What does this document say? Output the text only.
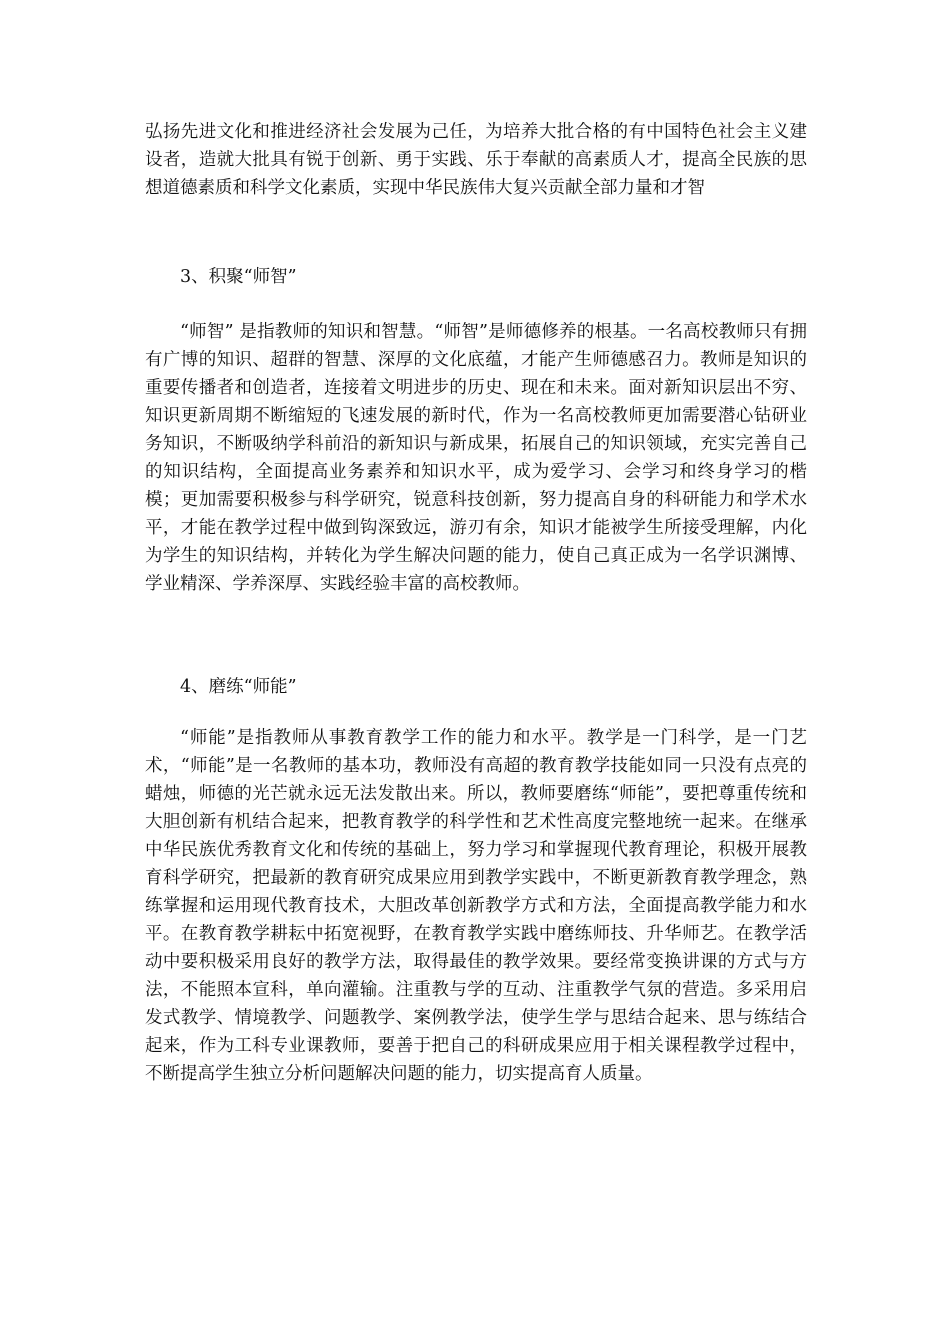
弘扬先进文化和推进经济社会发展为己任，为培养大批合格的有中国特色社会主义建设者，造就大批具有锐于创新、勇于实践、乐于奉献的高素质人才，提高全民族的思想道德素质和科学文化素质，实现中华民族伟大复兴贡献全部力量和才智

3、积聚“师智”

“师智” 是指教师的知识和智慧。“师智”是师德修养的根基。一名高校教师只有拥有广博的知识、超群的智慧、深厚的文化底蕴，才能产生师德感召力。教师是知识的重要传播者和创造者，连接着文明进步的历史、现在和未来。面对新知识层出不穷、知识更新周期不断缩短的飞速发展的新时代，作为一名高校教师更加需要潜心钻研业务知识，不断吸纳学科前沿的新知识与新成果，拓展自己的知识领域，充实完善自己的知识结构，全面提高业务素养和知识水平，成为爱学习、会学习和终身学习的楷模；更加需要积极参与科学研究，锐意科技创新，努力提高自身的科研能力和学术水平，才能在教学过程中做到钩深致远，游刃有余，知识才能被学生所接受理解，内化为学生的知识结构，并转化为学生解决问题的能力，使自己真正成为一名学识渊博、学业精深、学养深厚、实践经验丰富的高校教师。

4、磨练“师能”

“师能”是指教师从事教育教学工作的能力和水平。教学是一门科学，是一门艺术，“师能”是一名教师的基本功，教师没有高超的教育教学技能如同一只没有点亮的蜡烛，师德的光芒就永远无法发散出来。所以，教师要磨练“师能”，要把尊重传统和大胆创新有机结合起来，把教育教学的科学性和艺术性高度完整地统一起来。在继承中华民族优秀教育文化和传统的基础上，努力学习和掌握现代教育理论，积极开展教育科学研究，把最新的教育研究成果应用到教学实践中，不断更新教育教学理念，熟练掌握和运用现代教育技术，大胆改革创新教学方式和方法，全面提高教学能力和水平。在教育教学耕耘中拓宽视野，在教育教学实践中磨练师技、升华师艺。在教学活动中要积极采用良好的教学方法，取得最佳的教学效果。要经常变换讲课的方式与方法，不能照本宣科，单向灌输。注重教与学的互动、注重教学气氛的营造。多采用启发式教学、情境教学、问题教学、案例教学法，使学生学与思结合起来、思与练结合起来，作为工科专业课教师，要善于把自己的科研成果应用于相关课程教学过程中，不断提高学生独立分析问题解决问题的能力，切实提高育人质量。
